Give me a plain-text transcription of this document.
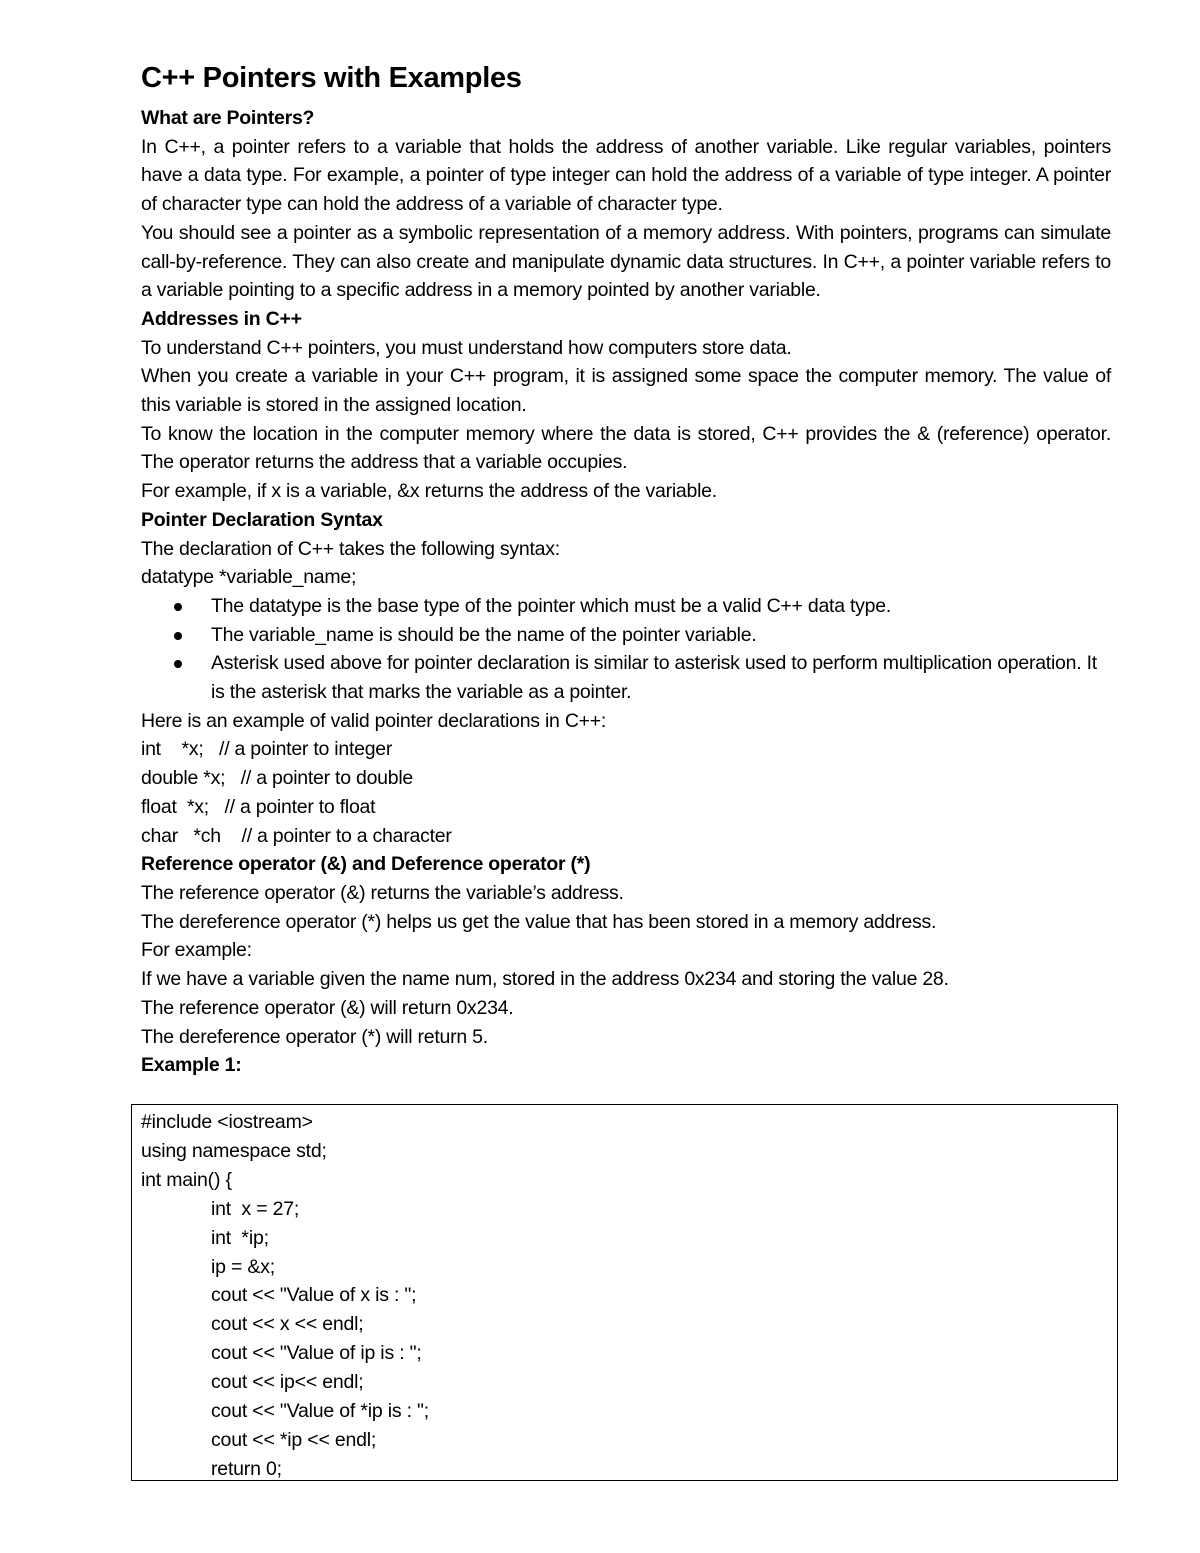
C++ Pointers with Examples

What are Pointers?

In C++, a pointer refers to a variable that holds the address of another variable. Like regular variables, pointers have a data type. For example, a pointer of type integer can hold the address of a variable of type integer. A pointer of character type can hold the address of a variable of character type.

You should see a pointer as a symbolic representation of a memory address. With pointers, programs can simulate call-by-reference. They can also create and manipulate dynamic data structures. In C++, a pointer variable refers to a variable pointing to a specific address in a memory pointed by another variable.

Addresses in C++

To understand C++ pointers, you must understand how computers store data.

When you create a variable in your C++ program, it is assigned some space the computer memory. The value of this variable is stored in the assigned location.

To know the location in the computer memory where the data is stored, C++ provides the & (reference) operator. The operator returns the address that a variable occupies.

For example, if x is a variable, &x returns the address of the variable.

Pointer Declaration Syntax

The declaration of C++ takes the following syntax:

datatype *variable_name;

The datatype is the base type of the pointer which must be a valid C++ data type.
The variable_name is should be the name of the pointer variable.
Asterisk used above for pointer declaration is similar to asterisk used to perform multiplication operation. It is the asterisk that marks the variable as a pointer.

Here is an example of valid pointer declarations in C++:

int    *x;   // a pointer to integer

double *x;   // a pointer to double

float  *x;   // a pointer to float

char   *ch    // a pointer to a character

Reference operator (&) and Deference operator (*)

The reference operator (&) returns the variable’s address.

The dereference operator (*) helps us get the value that has been stored in a memory address.

For example:

If we have a variable given the name num, stored in the address 0x234 and storing the value 28.

The reference operator (&) will return 0x234.

The dereference operator (*) will return 5.

Example 1:

#include <iostream>

using namespace std;

int main() {

int  x = 27;

int  *ip;

ip = &x;

cout << "Value of x is : ";

cout << x << endl;

cout << "Value of ip is : ";

cout << ip<< endl;

cout << "Value of *ip is : ";

cout << *ip << endl;

return 0;
